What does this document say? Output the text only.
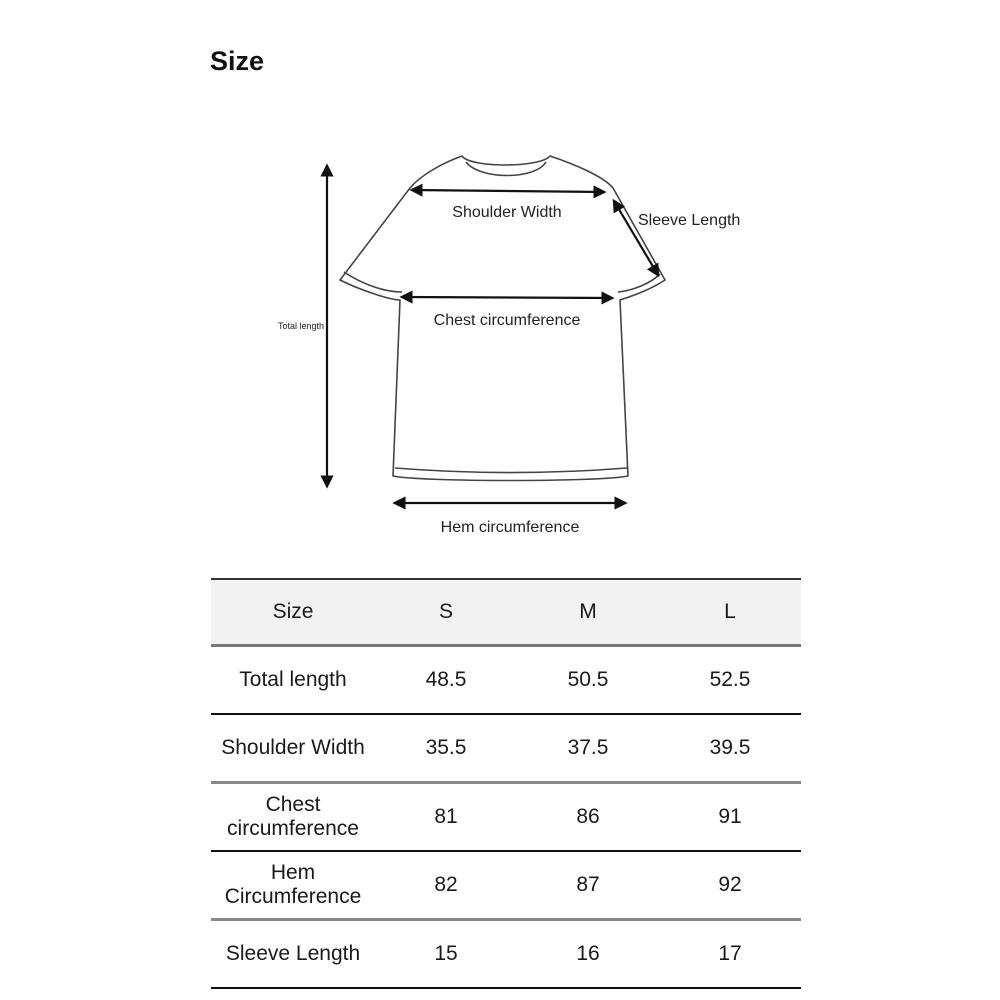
Size
Shoulder Width	Sleeve Length
Chest circumference
Total length
Hem circumference
Size	S	M	L
Total length	48.5	50.5	52.5
Shoulder Width	35.5	37.5	39.5
Chest circumference	81	86	91
Hem Circumference	82	87	92
Sleeve Length	15	16	17
